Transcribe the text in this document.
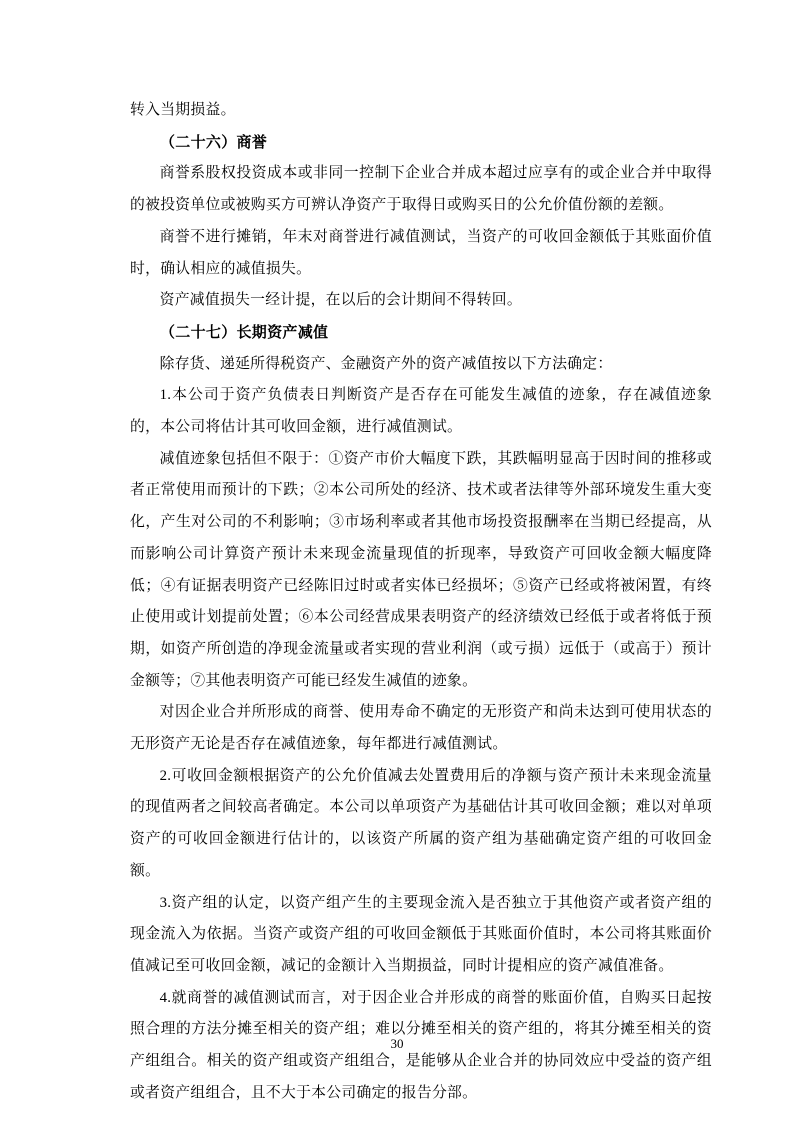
转入当期损益。

（二十六）商誉

商誉系股权投资成本或非同一控制下企业合并成本超过应享有的或企业合并中取得的被投资单位或被购买方可辨认净资产于取得日或购买日的公允价值份额的差额。

商誉不进行摊销，年末对商誉进行减值测试，当资产的可收回金额低于其账面价值时，确认相应的减值损失。

资产减值损失一经计提，在以后的会计期间不得转回。

（二十七）长期资产减值

除存货、递延所得税资产、金融资产外的资产减值按以下方法确定：

1.本公司于资产负债表日判断资产是否存在可能发生减值的迹象，存在减值迹象的，本公司将估计其可收回金额，进行减值测试。

减值迹象包括但不限于：①资产市价大幅度下跌，其跌幅明显高于因时间的推移或者正常使用而预计的下跌；②本公司所处的经济、技术或者法律等外部环境发生重大变化，产生对公司的不利影响；③市场利率或者其他市场投资报酬率在当期已经提高，从而影响公司计算资产预计未来现金流量现值的折现率，导致资产可回收金额大幅度降低；④有证据表明资产已经陈旧过时或者实体已经损坏；⑤资产已经或将被闲置，有终止使用或计划提前处置；⑥本公司经营成果表明资产的经济绩效已经低于或者将低于预期，如资产所创造的净现金流量或者实现的营业利润（或亏损）远低于（或高于）预计金额等；⑦其他表明资产可能已经发生减值的迹象。

对因企业合并所形成的商誉、使用寿命不确定的无形资产和尚未达到可使用状态的无形资产无论是否存在减值迹象，每年都进行减值测试。

2.可收回金额根据资产的公允价值减去处置费用后的净额与资产预计未来现金流量的现值两者之间较高者确定。本公司以单项资产为基础估计其可收回金额；难以对单项资产的可收回金额进行估计的，以该资产所属的资产组为基础确定资产组的可收回金额。

3.资产组的认定，以资产组产生的主要现金流入是否独立于其他资产或者资产组的现金流入为依据。当资产或资产组的可收回金额低于其账面价值时，本公司将其账面价值减记至可收回金额，减记的金额计入当期损益，同时计提相应的资产减值准备。

4.就商誉的减值测试而言，对于因企业合并形成的商誉的账面价值，自购买日起按照合理的方法分摊至相关的资产组；难以分摊至相关的资产组的，将其分摊至相关的资产组组合。相关的资产组或资产组组合，是能够从企业合并的协同效应中受益的资产组或者资产组组合，且不大于本公司确定的报告分部。

30
